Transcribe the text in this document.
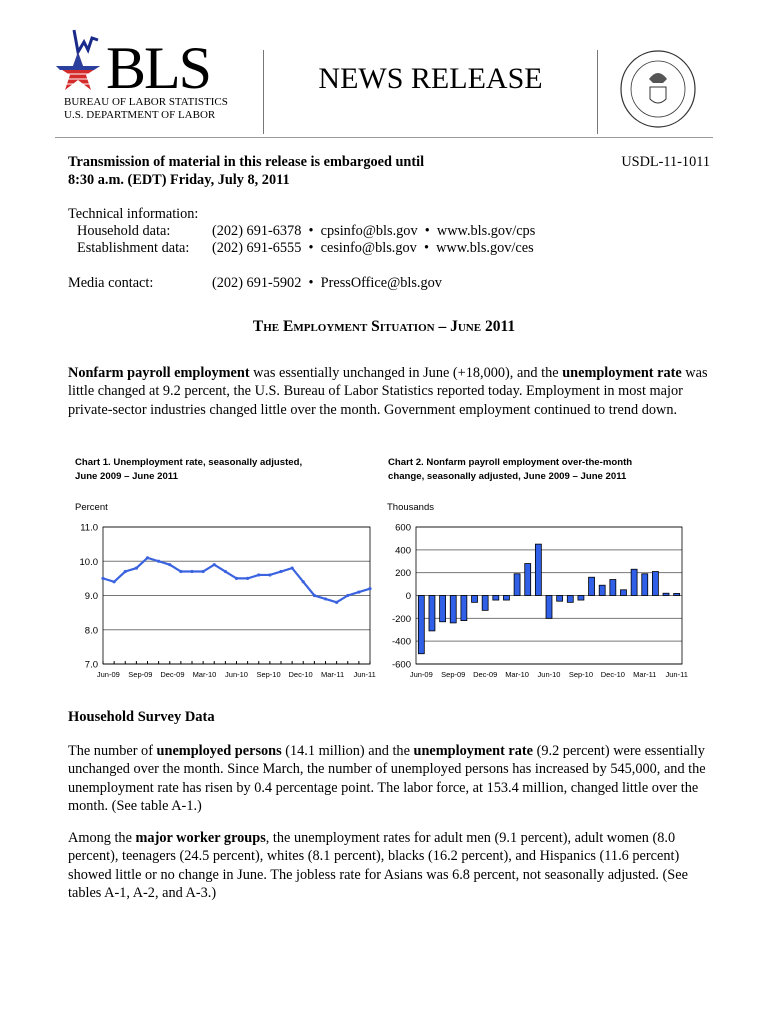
BLS
BUREAU OF LABOR STATISTICS
U.S. DEPARTMENT OF LABOR
NEWS RELEASE
Transmission of material in this release is embargoed until
8:30 a.m. (EDT) Friday, July 8, 2011
USDL-11-1011
Technical information:
Household data:	(202) 691-6378  •  cpsinfo@bls.gov  •  www.bls.gov/cps
Establishment data: (202) 691-6555  •  cesinfo@bls.gov  •  www.bls.gov/ces
Media contact:	(202) 691-5902  •  PressOffice@bls.gov
The Employment Situation – June 2011
Nonfarm payroll employment was essentially unchanged in June (+18,000), and the unemployment rate was little changed at 9.2 percent, the U.S. Bureau of Labor Statistics reported today. Employment in most major private-sector industries changed little over the month. Government employment continued to trend down.
Chart 1. Unemployment rate, seasonally adjusted,
June 2009 – June 2011
Percent
11.0
10.0
9.0
8.0
7.0
Jun-09 Sep-09 Dec-09 Mar-10 Jun-10 Sep-10 Dec-10 Mar-11 Jun-11
Chart 2. Nonfarm payroll employment over-the-month
change, seasonally adjusted, June 2009 – June 2011
Thousands
600
400
200
0
-200
-400
-600
Jun-09 Sep-09 Dec-09 Mar-10 Jun-10 Sep-10 Dec-10 Mar-11 Jun-11
Household Survey Data
The number of unemployed persons (14.1 million) and the unemployment rate (9.2 percent) were essentially unchanged over the month. Since March, the number of unemployed persons has increased by 545,000, and the unemployment rate has risen by 0.4 percentage point. The labor force, at 153.4 million, changed little over the month. (See table A-1.)
Among the major worker groups, the unemployment rates for adult men (9.1 percent), adult women (8.0 percent), teenagers (24.5 percent), whites (8.1 percent), blacks (16.2 percent), and Hispanics (11.6 percent) showed little or no change in June. The jobless rate for Asians was 6.8 percent, not seasonally adjusted. (See tables A-1, A-2, and A-3.)
